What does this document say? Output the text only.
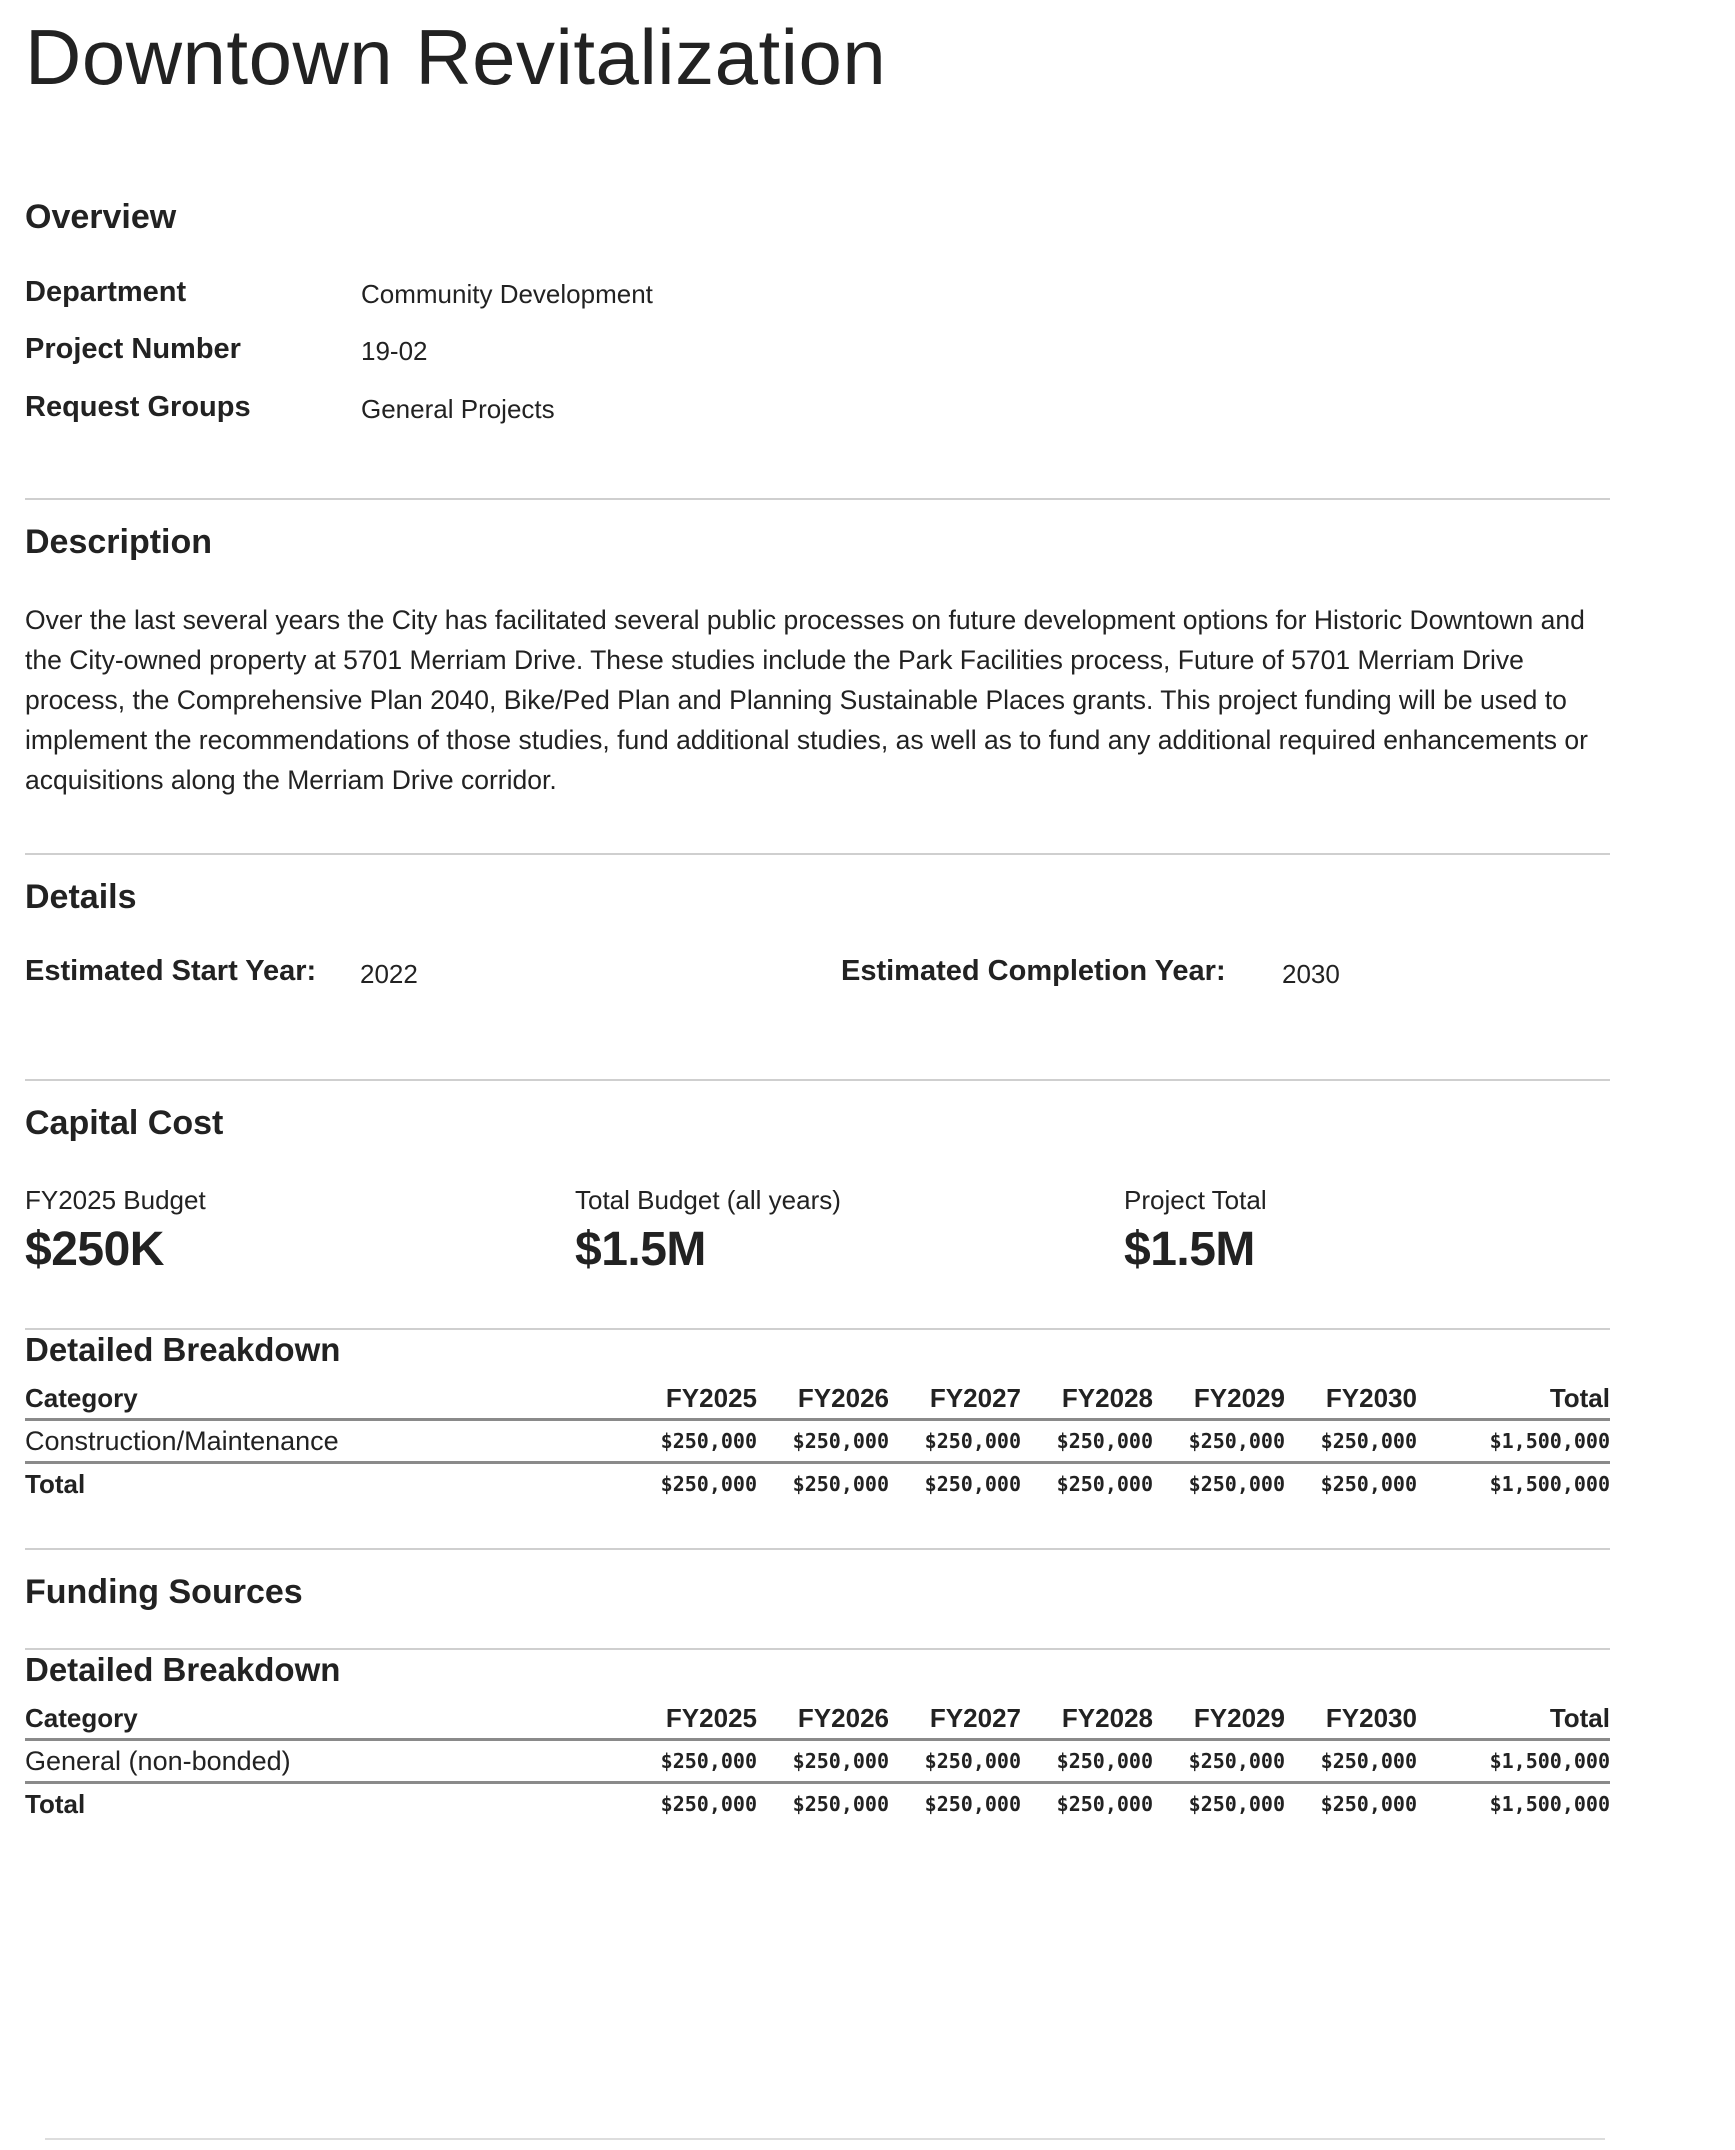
Downtown Revitalization
Overview
Department	Community Development
Project Number	19-02
Request Groups	General Projects
Description

Over the last several years the City has facilitated several public processes on future development options for Historic Downtown and the City-owned property at 5701 Merriam Drive. These studies include the Park Facilities process, Future of 5701 Merriam Drive process, the Comprehensive Plan 2040, Bike/Ped Plan and Planning Sustainable Places grants. This project funding will be used to implement the recommendations of those studies, fund additional studies, as well as to fund any additional required enhancements or acquisitions along the Merriam Drive corridor.

Details
Estimated Start Year: 2022	Estimated Completion Year: 2030
Capital Cost
FY2025 Budget
$250K
Total Budget (all years)
$1.5M
Project Total
$1.5M
Detailed Breakdown
Category	FY2025	FY2026	FY2027	FY2028	FY2029	FY2030	Total
Construction/Maintenance	$250,000	$250,000	$250,000	$250,000	$250,000	$250,000	$1,500,000
Total	$250,000	$250,000	$250,000	$250,000	$250,000	$250,000	$1,500,000
Funding Sources
Detailed Breakdown
Category	FY2025	FY2026	FY2027	FY2028	FY2029	FY2030	Total
General (non-bonded)	$250,000	$250,000	$250,000	$250,000	$250,000	$250,000	$1,500,000
Total	$250,000	$250,000	$250,000	$250,000	$250,000	$250,000	$1,500,000
